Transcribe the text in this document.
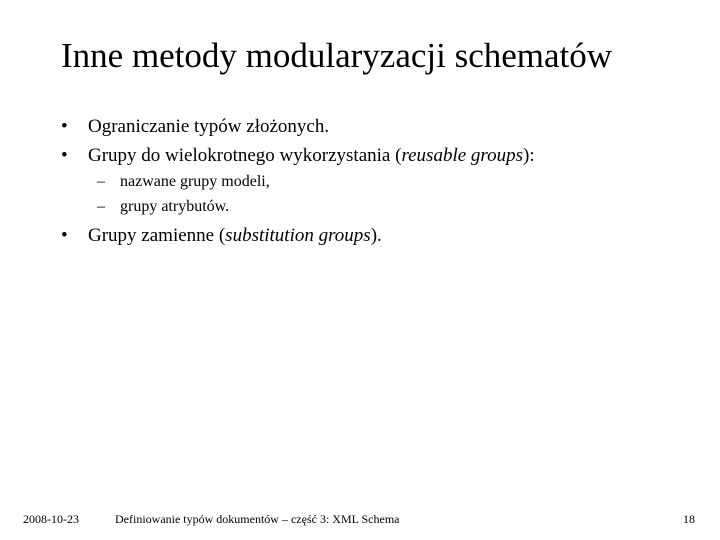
Inne metody modularyzacji schematów
• Ograniczanie typów złożonych.
• Grupy do wielokrotnego wykorzystania (reusable groups):
– nazwane grupy modeli,
– grupy atrybutów.
• Grupy zamienne (substitution groups).
2008-10-23	Definiowanie typów dokumentów – część 3: XML Schema	18
